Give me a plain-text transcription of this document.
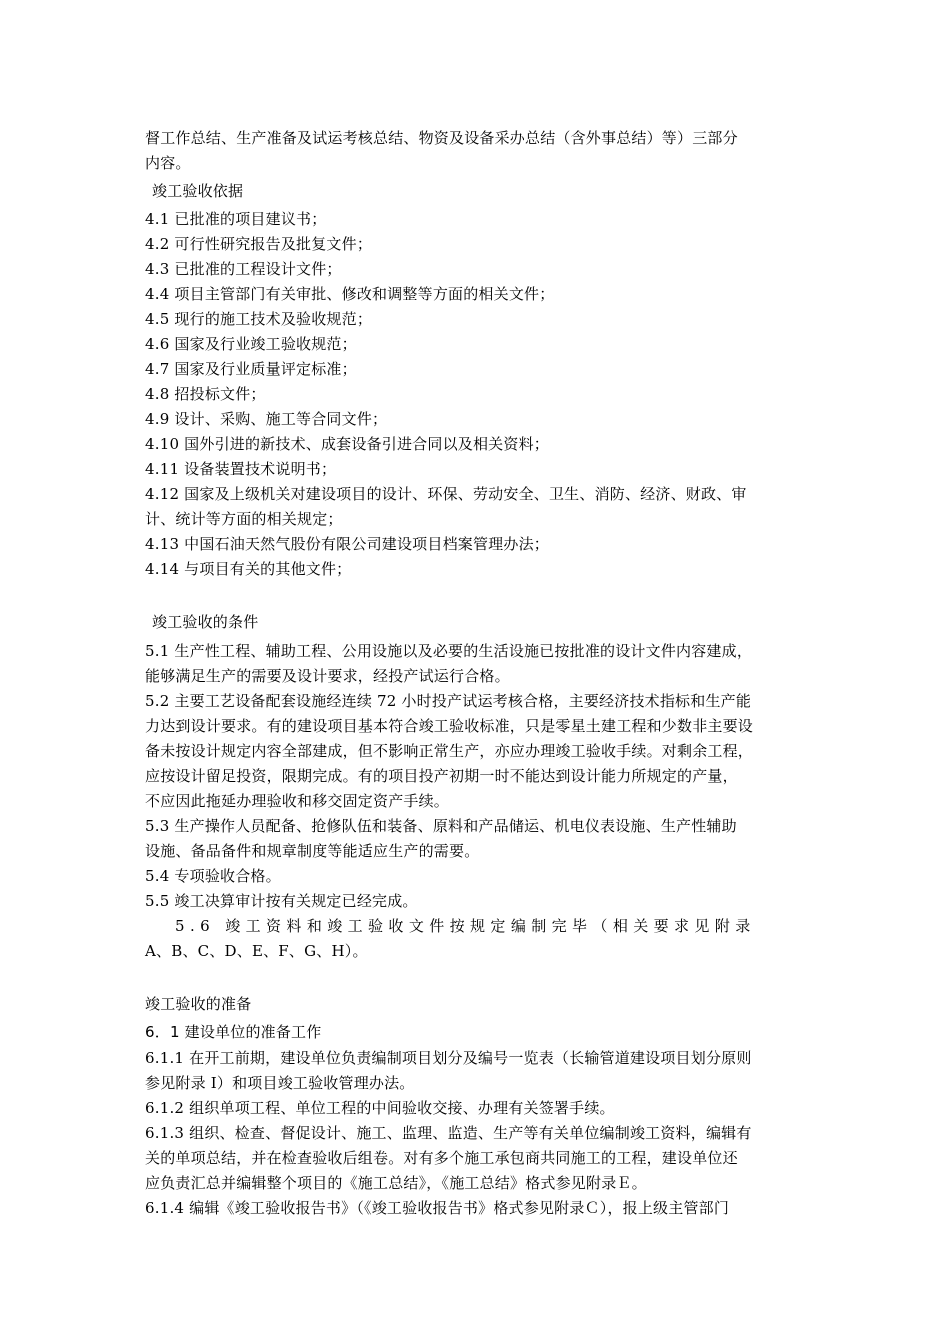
督工作总结、生产准备及试运考核总结、物资及设备采办总结（含外事总结）等）三部分
内容。
竣工验收依据
4.1 已批准的项目建议书；
4.2 可行性研究报告及批复文件；
4.3 已批准的工程设计文件；
4.4 项目主管部门有关审批、修改和调整等方面的相关文件；
4.5 现行的施工技术及验收规范；
4.6 国家及行业竣工验收规范；
4.7 国家及行业质量评定标准；
4.8 招投标文件；
4.9 设计、采购、施工等合同文件；
4.10 国外引进的新技术、成套设备引进合同以及相关资料；
4.11 设备装置技术说明书；
4.12 国家及上级机关对建设项目的设计、环保、劳动安全、卫生、消防、经济、财政、审
计、统计等方面的相关规定；
4.13 中国石油天然气股份有限公司建设项目档案管理办法；
4.14 与项目有关的其他文件；
竣工验收的条件
5.1 生产性工程、辅助工程、公用设施以及必要的生活设施已按批准的设计文件内容建成，
能够满足生产的需要及设计要求，经投产试运行合格。
5.2 主要工艺设备配套设施经连续 72 小时投产试运考核合格，主要经济技术指标和生产能
力达到设计要求。有的建设项目基本符合竣工验收标准，只是零星土建工程和少数非主要设
备未按设计规定内容全部建成，但不影响正常生产，亦应办理竣工验收手续。对剩余工程，
应按设计留足投资，限期完成。有的项目投产初期一时不能达到设计能力所规定的产量，
不应因此拖延办理验收和移交固定资产手续。
5.3 生产操作人员配备、抢修队伍和装备、原料和产品储运、机电仪表设施、生产性辅助
设施、备品备件和规章制度等能适应生产的需要。
5.4 专项验收合格。
5.5 竣工决算审计按有关规定已经完成。
5.6 竣工资料和竣工验收文件按规定编制完毕（相关要求见附录
A、B、C、D、E、F、G、H）。
竣工验收的准备
6．1 建设单位的准备工作
6.1.1 在开工前期，建设单位负责编制项目划分及编号一览表（长输管道建设项目划分原则
参见附录 I）和项目竣工验收管理办法。
6.1.2 组织单项工程、单位工程的中间验收交接、办理有关签署手续。
6.1.3 组织、检查、督促设计、施工、监理、监造、生产等有关单位编制竣工资料，编辑有
关的单项总结，并在检查验收后组卷。对有多个施工承包商共同施工的工程，建设单位还
应负责汇总并编辑整个项目的《施工总结》，《施工总结》格式参见附录Ｅ。
6.1.4 编辑《竣工验收报告书》（《竣工验收报告书》格式参见附录Ｃ），报上级主管部门
